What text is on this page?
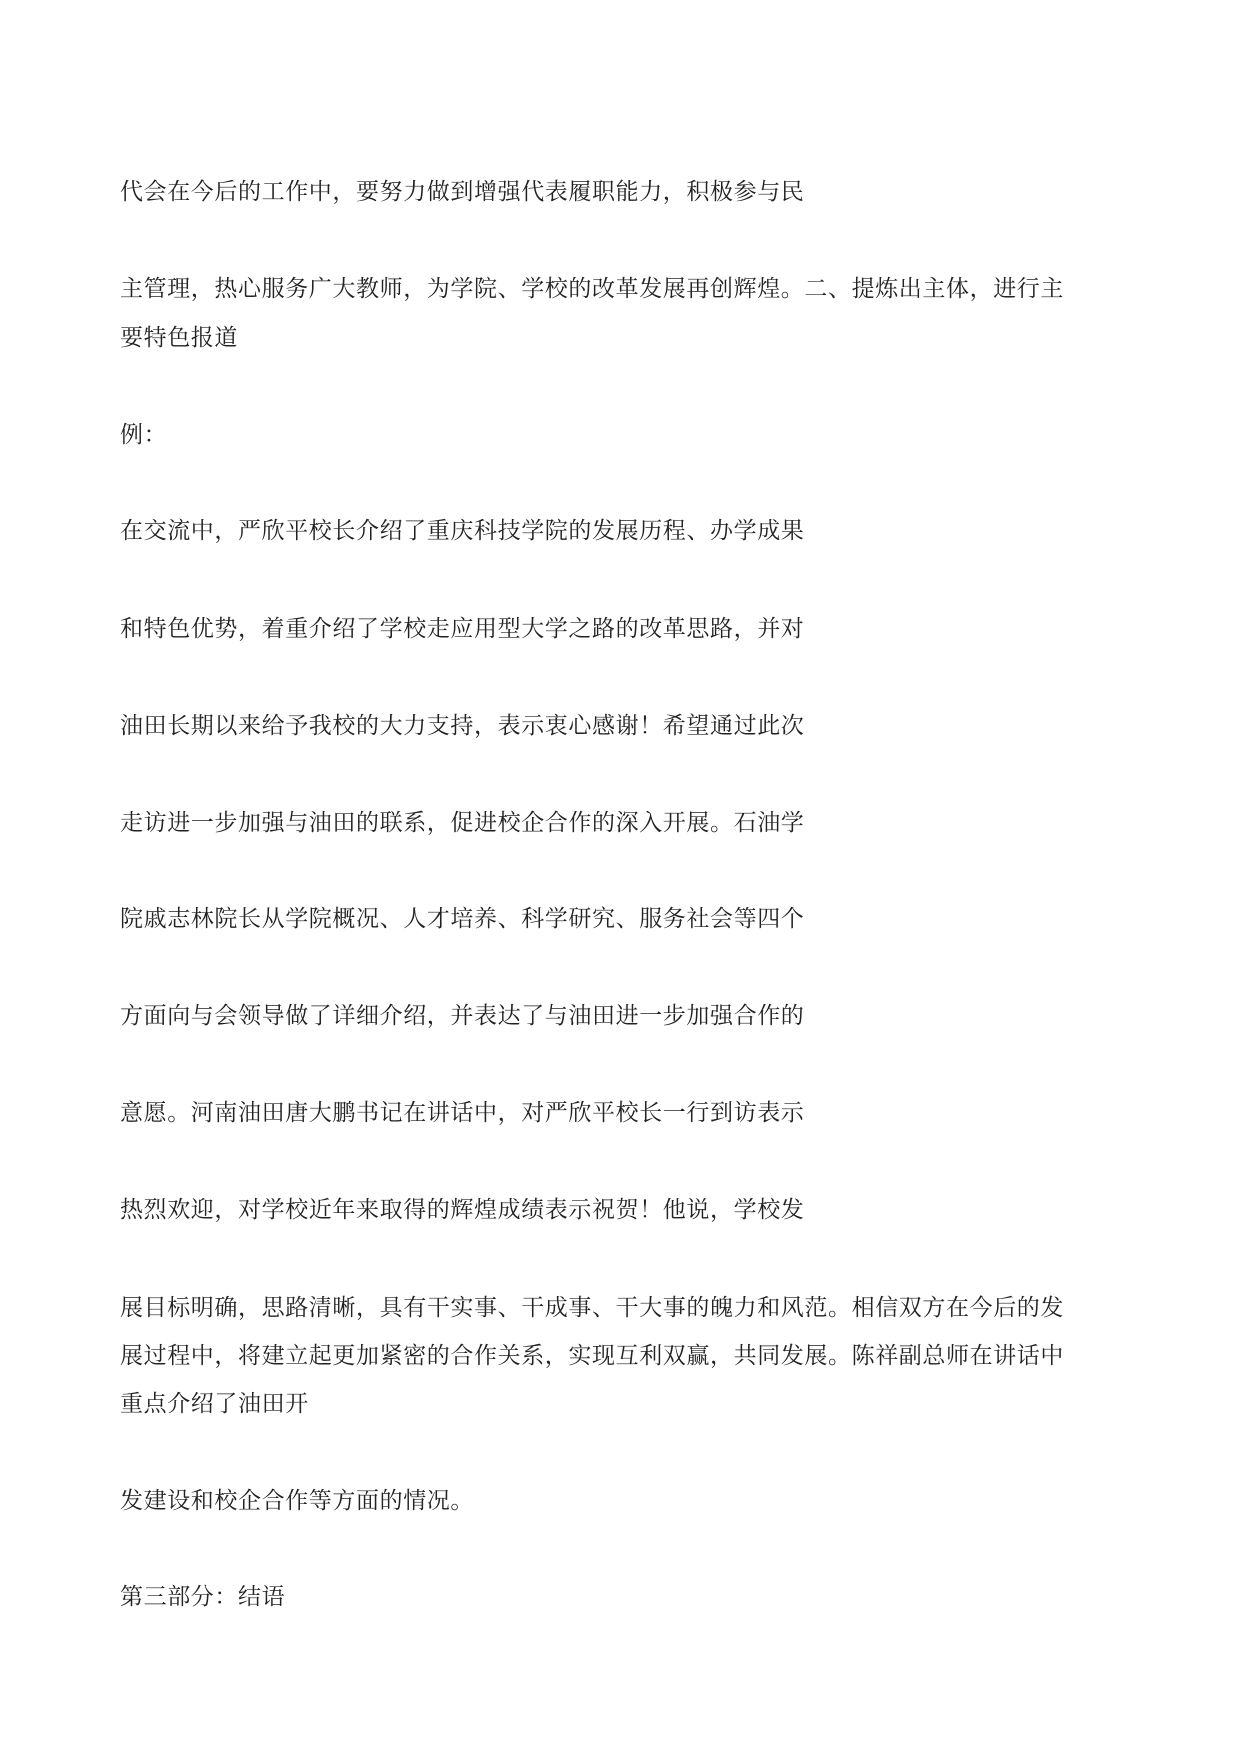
代会在今后的工作中，要努力做到增强代表履职能力，积极参与民
主管理，热心服务广大教师，为学院、学校的改革发展再创辉煌。二、提炼出主体，进行主
要特色报道
例：
在交流中，严欣平校长介绍了重庆科技学院的发展历程、办学成果
和特色优势，着重介绍了学校走应用型大学之路的改革思路，并对
油田长期以来给予我校的大力支持，表示衷心感谢！希望通过此次
走访进一步加强与油田的联系，促进校企合作的深入开展。石油学
院戚志林院长从学院概况、人才培养、科学研究、服务社会等四个
方面向与会领导做了详细介绍，并表达了与油田进一步加强合作的
意愿。河南油田唐大鹏书记在讲话中，对严欣平校长一行到访表示
热烈欢迎，对学校近年来取得的辉煌成绩表示祝贺！他说，学校发
展目标明确，思路清晰，具有干实事、干成事、干大事的魄力和风范。相信双方在今后的发
展过程中，将建立起更加紧密的合作关系，实现互利双赢，共同发展。陈祥副总师在讲话中
重点介绍了油田开
发建设和校企合作等方面的情况。
第三部分：结语
